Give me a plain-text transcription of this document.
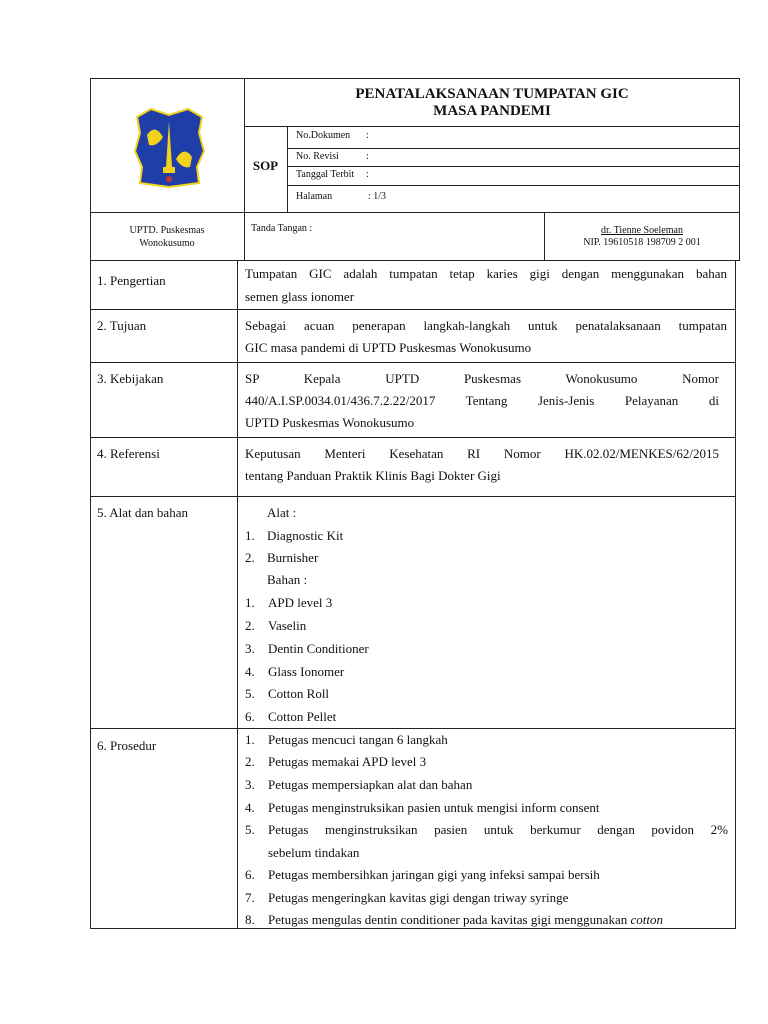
PENATALAKSANAAN TUMPATAN GIC
MASA PANDEMI
SOP
No.Dokumen :
No. Revisi	:
Tanggal Terbit :
Halaman	: 1/3
UPTD. Puskesmas
Wonokusumo
Tanda Tangan :	dr. Tienne Soeleman
NIP. 19610518 198709 2 001
1. Pengertian	Tumpatan GIC adalah tumpatan tetap karies gigi dengan menggunakan bahan
semen glass ionomer
2. Tujuan	Sebagai acuan penerapan langkah-langkah untuk penatalaksanaan tumpatan
GIC masa pandemi di UPTD Puskesmas Wonokusumo
3. Kebijakan	SP Kepala UPTD Puskesmas Wonokusumo Nomor
440/A.I.SP.0034.01/436.7.2.22/2017 Tentang Jenis-Jenis Pelayanan di
UPTD Puskesmas Wonokusumo
4. Referensi	Keputusan Menteri Kesehatan RI Nomor HK.02.02/MENKES/62/2015
tentang Panduan Praktik Klinis Bagi Dokter Gigi
5. Alat dan bahan	Alat :
1. Diagnostic Kit
2. Burnisher
Bahan :
1. APD level 3
2. Vaselin
3. Dentin Conditioner
4. Glass Ionomer
5. Cotton Roll
6. Cotton Pellet
6. Prosedur	1. Petugas mencuci tangan 6 langkah
2. Petugas memakai APD level 3
3. Petugas mempersiapkan alat dan bahan
4. Petugas menginstruksikan pasien untuk mengisi inform consent
5. Petugas menginstruksikan pasien untuk berkumur dengan povidon 2%
sebelum tindakan
6. Petugas membersihkan jaringan gigi yang infeksi sampai bersih
7. Petugas mengeringkan kavitas gigi dengan triway syringe
8. Petugas mengulas dentin conditioner pada kavitas gigi menggunakan cotton
